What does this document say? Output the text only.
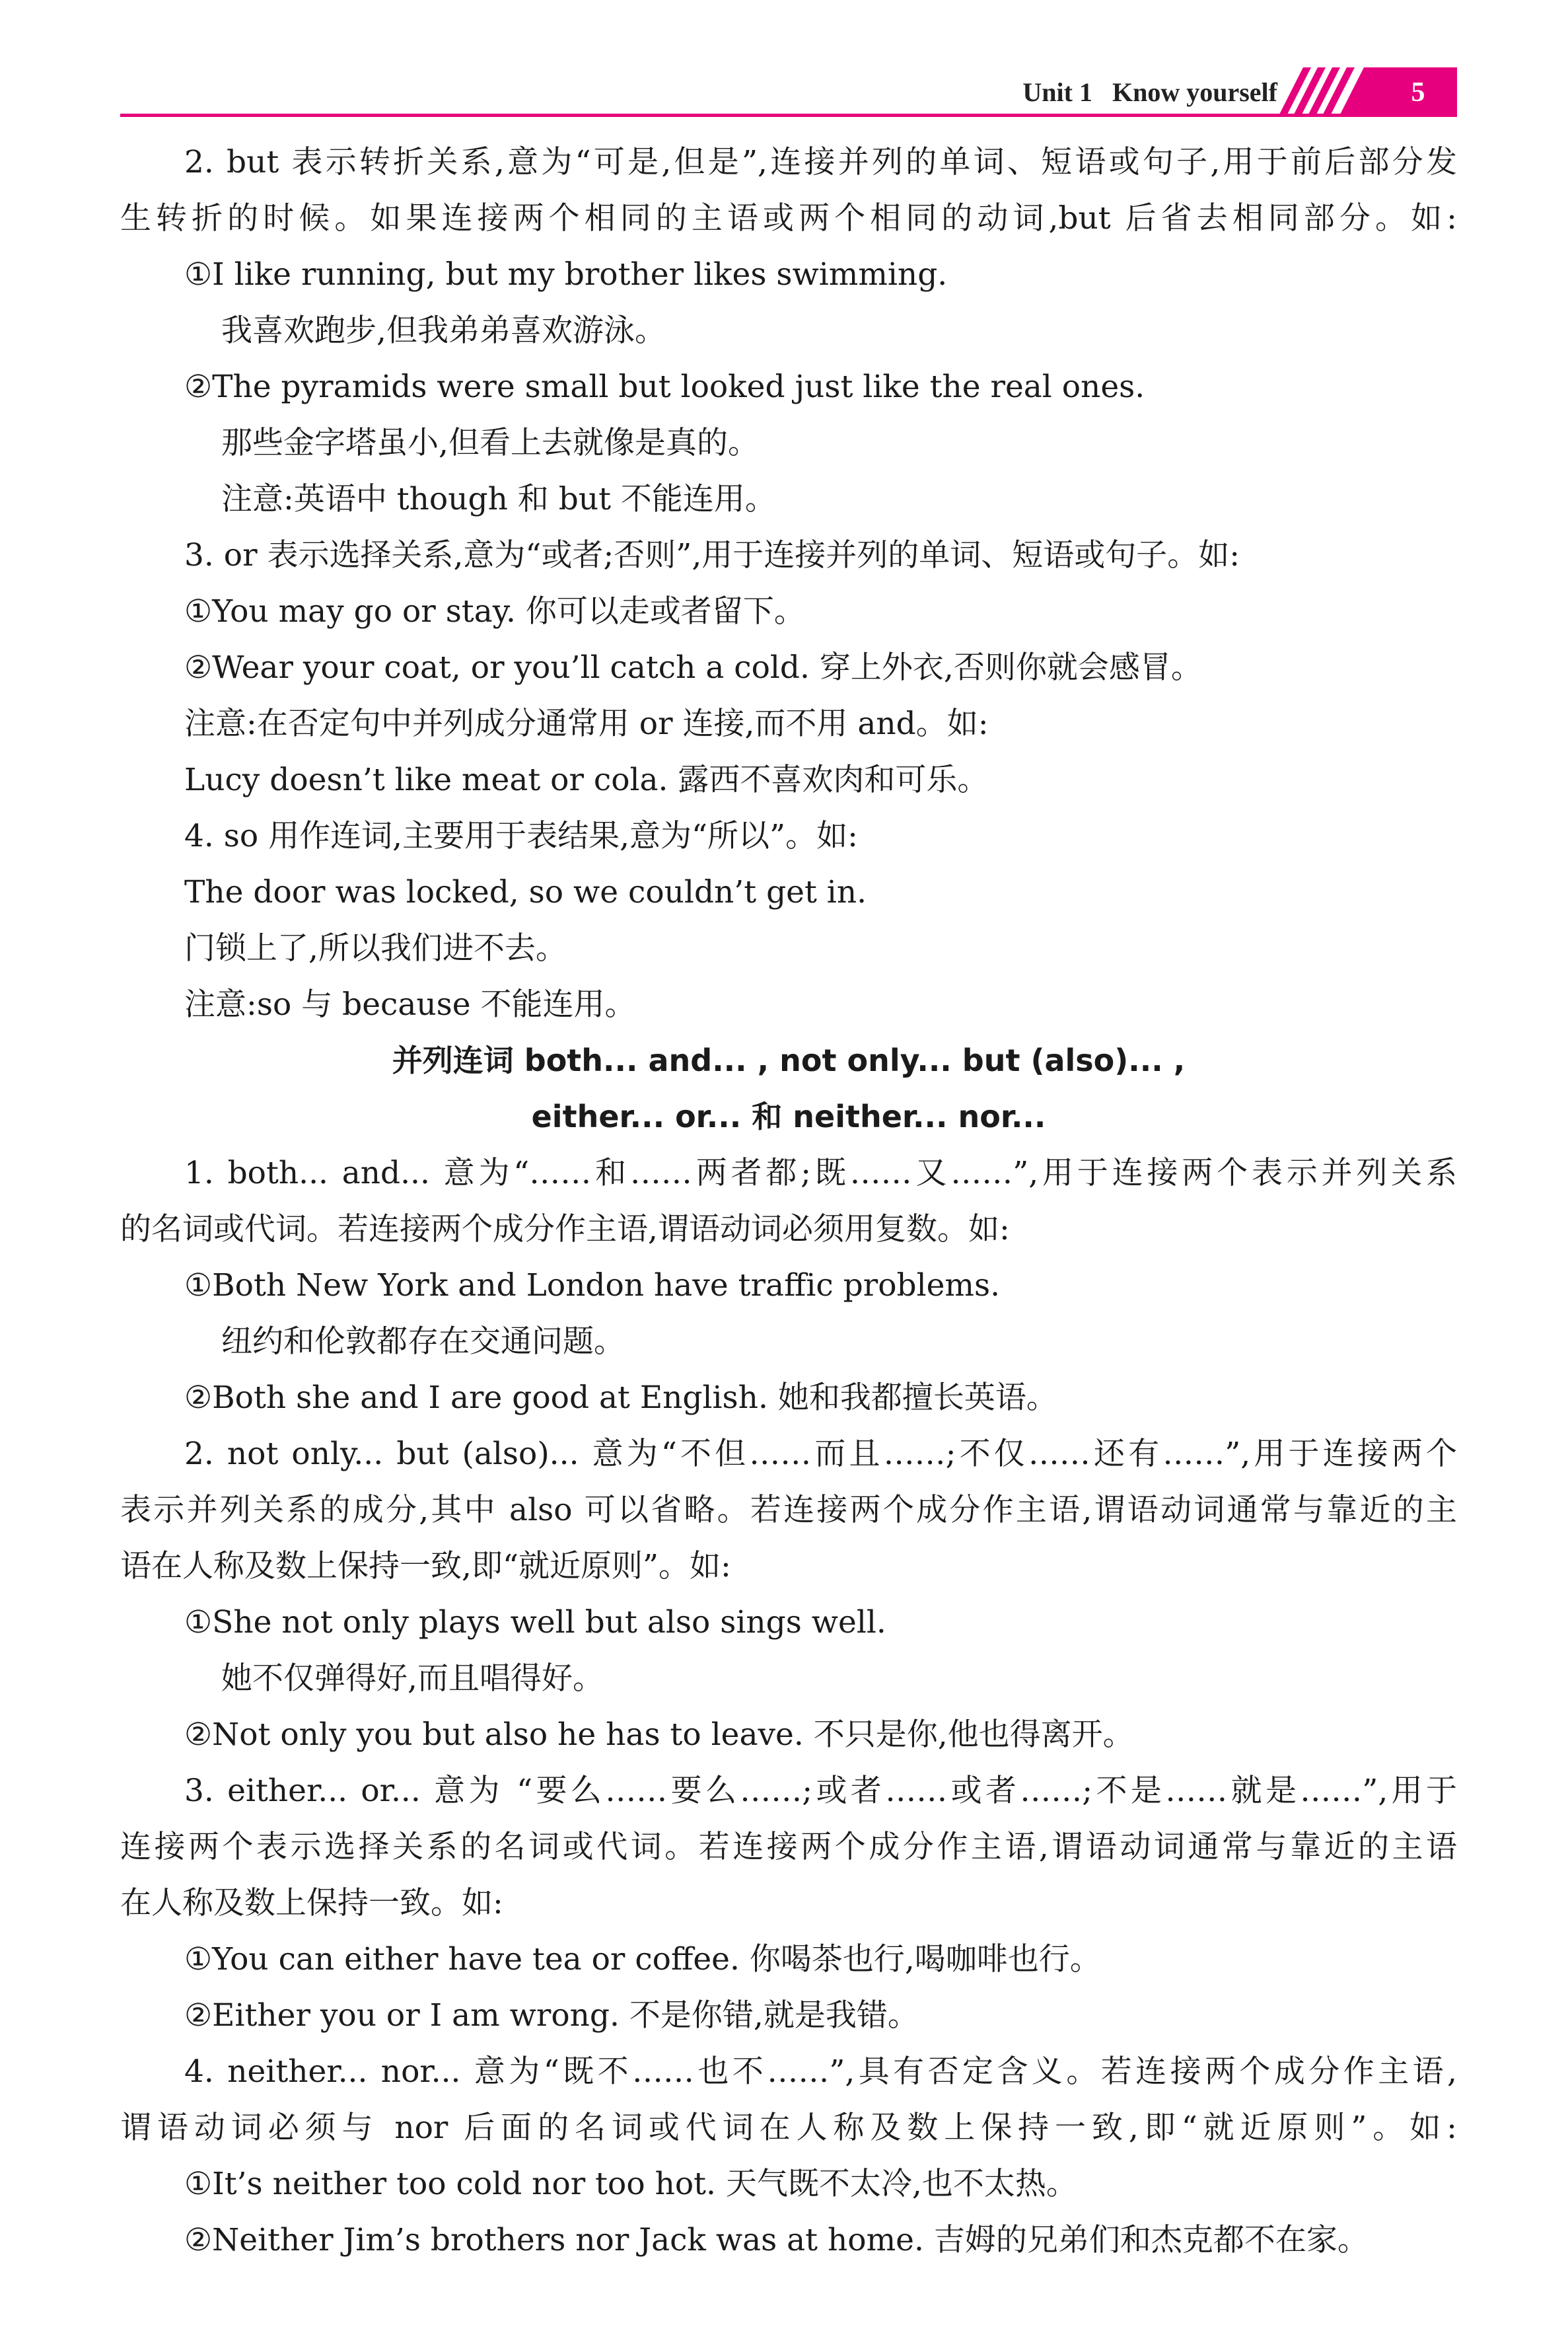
Unit 1   Know yourself	5
2. but 表示转折关系,意为“可是,但是”,连接并列的单词、短语或句子,用于前后部分发
生转折的时候。如果连接两个相同的主语或两个相同的动词,but 后省去相同部分。如:
①I like running, but my brother likes swimming.
我喜欢跑步,但我弟弟喜欢游泳。
②The pyramids were small but looked just like the real ones.
那些金字塔虽小,但看上去就像是真的。
注意:英语中 though 和 but 不能连用。
3. or 表示选择关系,意为“或者;否则”,用于连接并列的单词、短语或句子。如:
①You may go or stay. 你可以走或者留下。
②Wear your coat, or you’ll catch a cold. 穿上外衣,否则你就会感冒。
注意:在否定句中并列成分通常用 or 连接,而不用 and。如:
Lucy doesn’t like meat or cola. 露西不喜欢肉和可乐。
4. so 用作连词,主要用于表结果,意为“所以”。如:
The door was locked, so we couldn’t get in.
门锁上了,所以我们进不去。
注意:so 与 because 不能连用。
并列连词 both... and... , not only... but (also)... ,
either... or... 和 neither... nor...
1. both... and... 意为“……和……两者都;既……又……”,用于连接两个表示并列关系
的名词或代词。若连接两个成分作主语,谓语动词必须用复数。如:
①Both New York and London have traffic problems.
纽约和伦敦都存在交通问题。
②Both she and I are good at English. 她和我都擅长英语。
2. not only... but (also)... 意为“不但……而且……;不仅……还有……”,用于连接两个
表示并列关系的成分,其中 also 可以省略。若连接两个成分作主语,谓语动词通常与靠近的主
语在人称及数上保持一致,即“就近原则”。如:
①She not only plays well but also sings well.
她不仅弹得好,而且唱得好。
②Not only you but also he has to leave. 不只是你,他也得离开。
3. either... or... 意为 “要么……要么……;或者……或者……;不是……就是……”,用于
连接两个表示选择关系的名词或代词。若连接两个成分作主语,谓语动词通常与靠近的主语
在人称及数上保持一致。如:
①You can either have tea or coffee. 你喝茶也行,喝咖啡也行。
②Either you or I am wrong. 不是你错,就是我错。
4. neither... nor... 意为“既不……也不……”,具有否定含义。若连接两个成分作主语,
谓语动词必须与 nor 后面的名词或代词在人称及数上保持一致,即“就近原则”。如:
①It’s neither too cold nor too hot. 天气既不太冷,也不太热。
②Neither Jim’s brothers nor Jack was at home. 吉姆的兄弟们和杰克都不在家。
